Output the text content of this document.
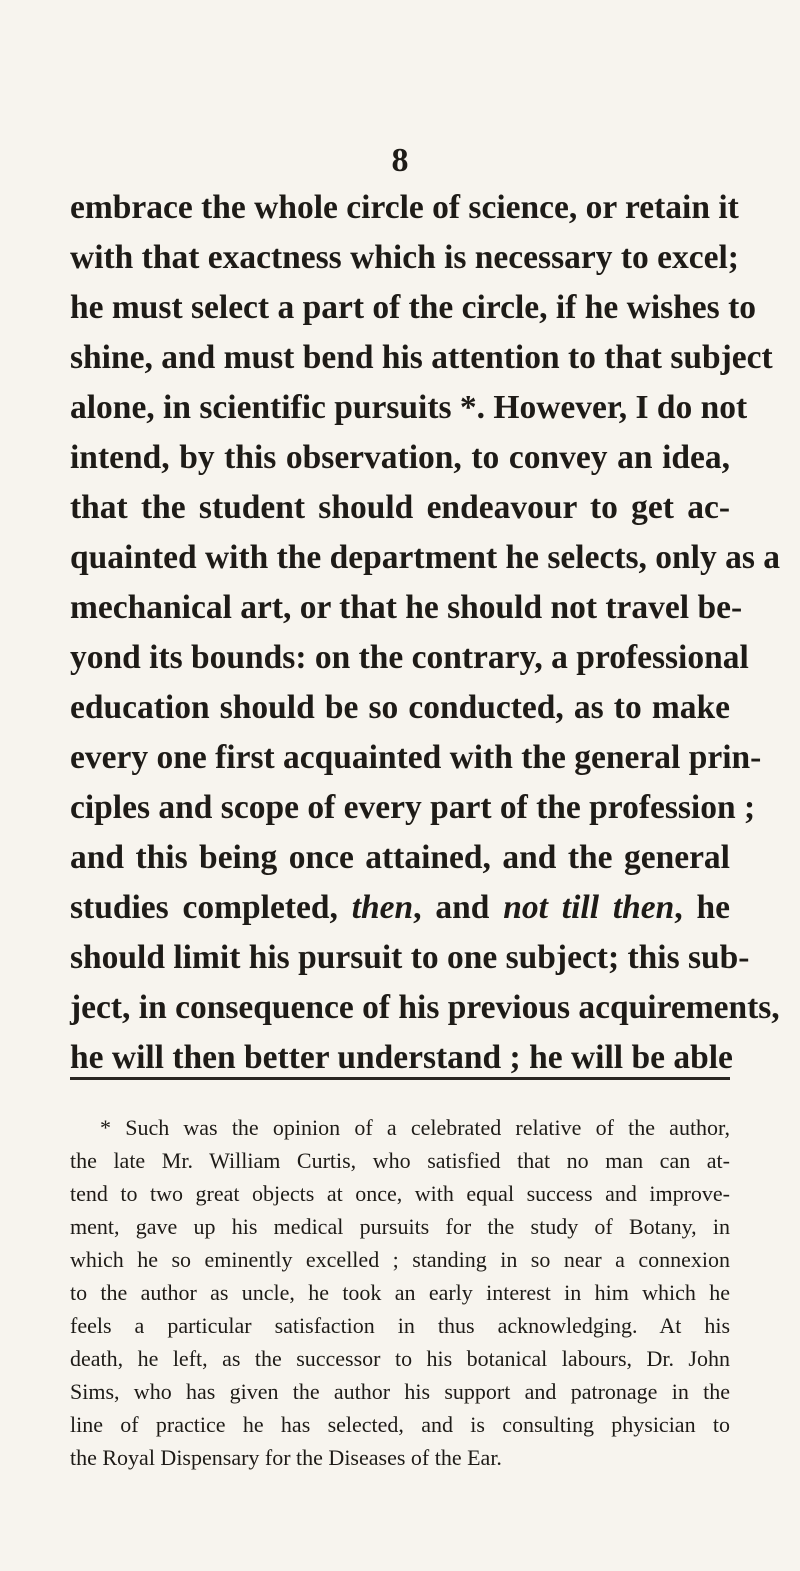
8
embrace the whole circle of science, or retain it
with that exactness which is necessary to excel;
he must select a part of the circle, if he wishes to
shine, and must bend his attention to that subject
alone, in scientific pursuits *. However, I do not
intend, by this observation, to convey an idea,
that the student should endeavour to get ac-
quainted with the department he selects, only as a
mechanical art, or that he should not travel be-
yond its bounds: on the contrary, a professional
education should be so conducted, as to make
every one first acquainted with the general prin-
ciples and scope of every part of the profession ;
and this being once attained, and the general
studies completed, then, and not till then, he
should limit his pursuit to one subject; this sub-
ject, in consequence of his previous acquirements,
he will then better understand ; he will be able
* Such was the opinion of a celebrated relative of the author,
the late Mr. William Curtis, who satisfied that no man can at-
tend to two great objects at once, with equal success and improve-
ment, gave up his medical pursuits for the study of Botany, in
which he so eminently excelled ; standing in so near a connexion
to the author as uncle, he took an early interest in him which he
feels a particular satisfaction in thus acknowledging. At his
death, he left, as the successor to his botanical labours, Dr. John
Sims, who has given the author his support and patronage in the
line of practice he has selected, and is consulting physician to
the Royal Dispensary for the Diseases of the Ear.
